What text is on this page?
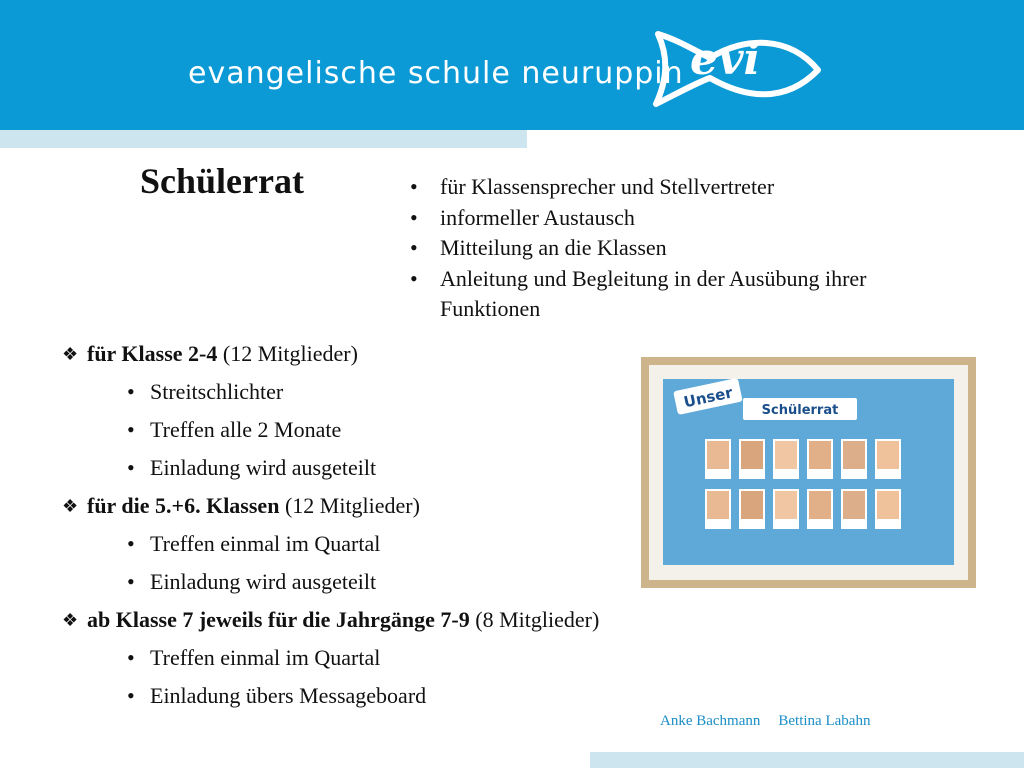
evangelische schule neuruppin evi
Schülerrat
•	für Klassensprecher und Stellvertreter
• informeller Austausch
• Mitteilung an die Klassen
• Anleitung und Begleitung in der Ausübung ihrer Funktionen
❖ für Klasse 2-4 (12 Mitglieder)
• Streitschlichter
• Treffen alle 2 Monate
• Einladung wird ausgeteilt
❖ für die 5.+6. Klassen (12 Mitglieder)
• Treffen einmal im Quartal
• Einladung wird ausgeteilt
❖ ab Klasse 7 jeweils für die Jahrgänge 7-9 (8 Mitglieder)
• Treffen einmal im Quartal
• Einladung übers Messageboard
Unser Schülerrat
Anke Bachmann Bettina Labahn
